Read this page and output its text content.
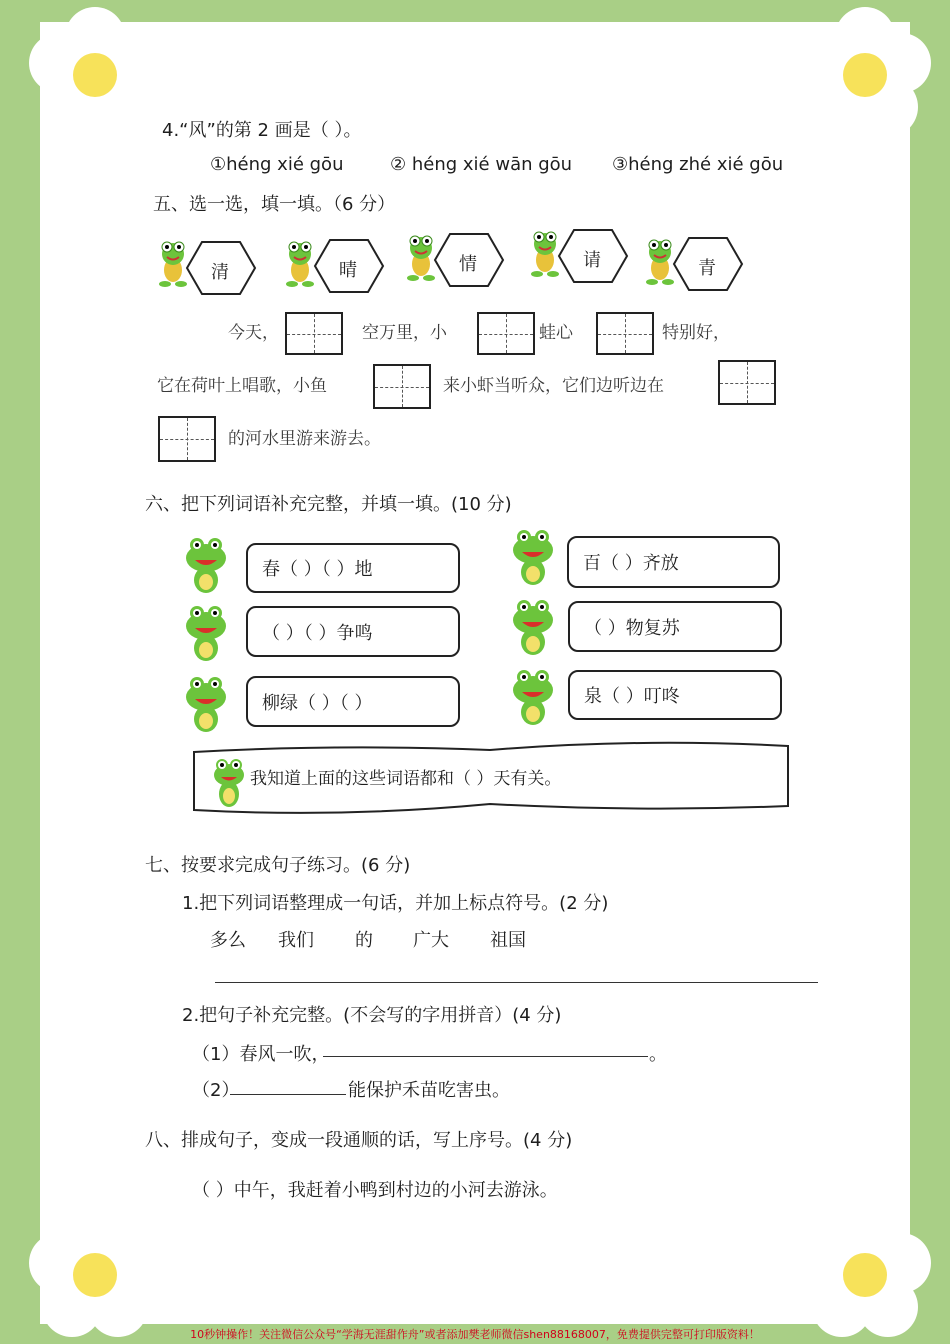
4.“风”的第 2 画是（ ）。
①héng xié gōu	② héng xié wān gōu ③héng zhé xié gōu
五、选一选，填一填。（6 分）
清	晴	情	请	青
今天，	空万里，小	蛙心	特别好，
它在荷叶上唱歌，小鱼	来小虾当听众，它们边听边在
的河水里游来游去。
六、把下列词语补充完整，并填一填。(10 分)
春（ ）（ ）地	百（ ）齐放
（ ）（ ）争鸣	（ ）物复苏
柳绿（ ）（ ）	泉（ ）叮咚
我知道上面的这些词语都和（ ）天有关。
七、按要求完成句子练习。(6 分)
1.把下列词语整理成一句话，并加上标点符号。(2 分)
多么 我们 的 广大 祖国
2.把句子补充完整。(不会写的字用拼音）(4 分)
（1）春风一吹，	。
（2）	能保护禾苗吃害虫。
八、排成句子，变成一段通顺的话，写上序号。(4 分)
（ ）中午，我赶着小鸭到村边的小河去游泳。
10秒钟操作！关注微信公众号“学海无涯甜作舟”或者添加樊老师微信shen88168007，免费提供完整可打印版资料！
